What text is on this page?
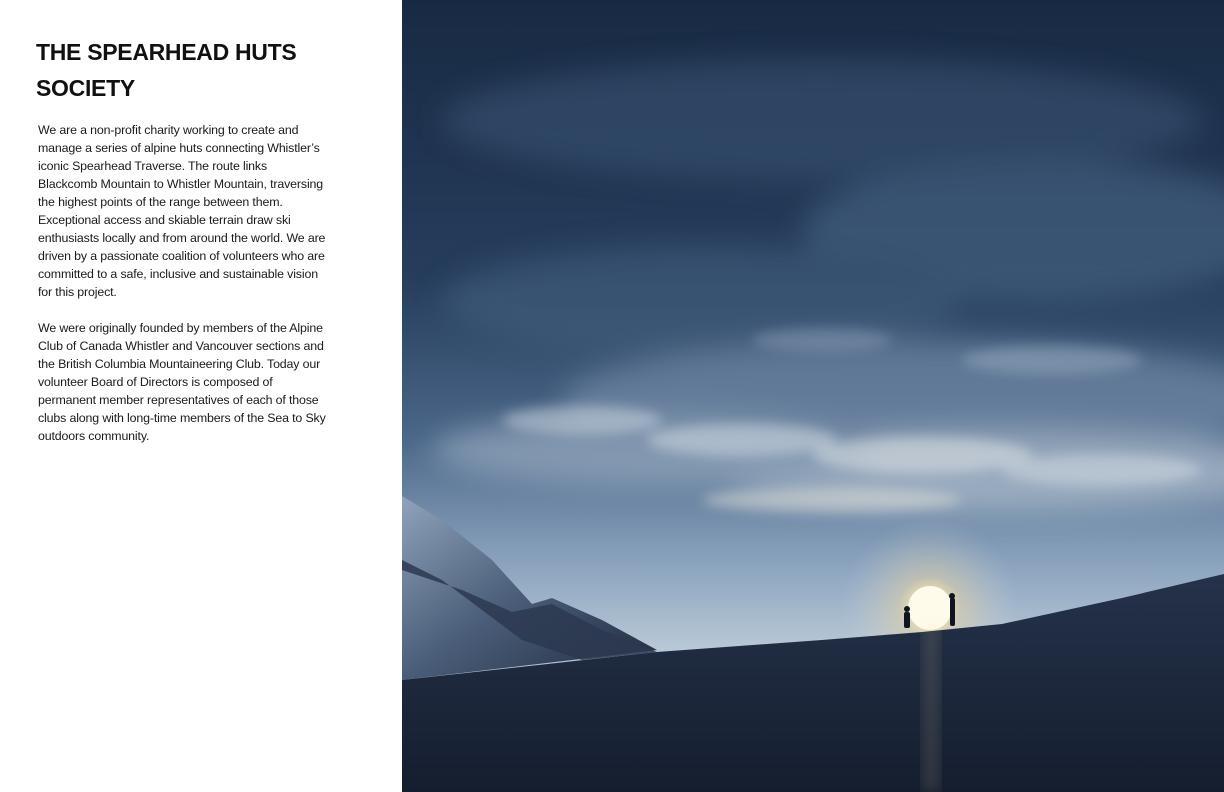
THE SPEARHEAD HUTS SOCIETY

We are a non-profit charity working to create and manage a series of alpine huts connecting Whistler’s iconic Spearhead Traverse. The route links Blackcomb Mountain to Whistler Mountain, traversing the highest points of the range between them. Exceptional access and skiable terrain draw ski enthusiasts locally and from around the world. We are driven by a passionate coalition of volunteers who are committed to a safe, inclusive and sustainable vision for this project.

We were originally founded by members of the Alpine Club of Canada Whistler and Vancouver sections and the British Columbia Mountaineering Club. Today our volunteer Board of Directors is composed of permanent member representatives of each of those clubs along with long-time members of the Sea to Sky outdoors community.
